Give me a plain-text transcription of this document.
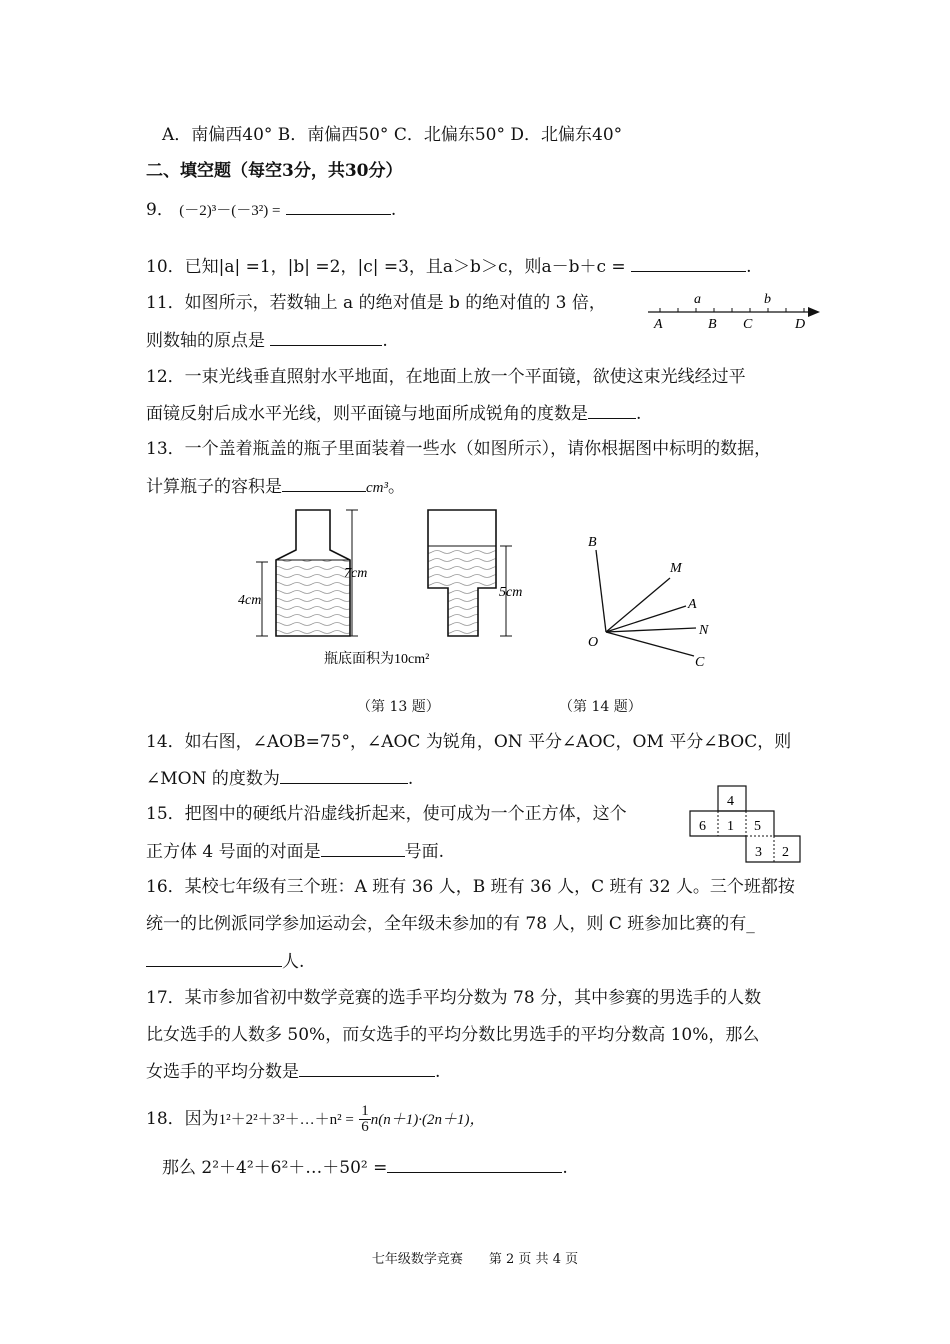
A．南偏西40° B．南偏西50° C．北偏东50° D．北偏东40°
二、填空题（每空3分，共30分）
9． (－2)³－(－3²) =	.
10．已知|a| =1，|b| =2，|c| =3，且a＞b＞c，则a－b＋c =	.
11．如图所示，若数轴上 a 的绝对值是 b 的绝对值的 3 倍，
则数轴的原点是	.
a	b
A	B C	D
12．一束光线垂直照射水平地面，在地面上放一个平面镜，欲使这束光线经过平
面镜反射后成水平光线，则平面镜与地面所成锐角的度数是	.
13．一个盖着瓶盖的瓶子里面装着一些水（如图所示），请你根据图中标明的数据，
计算瓶子的容积是	cm³。
4cm
7cm
5cm
瓶底面积为10cm²
B
M
A
N
O
C
（第 13 题）	（第 14 题）
14．如右图，∠AOB=75°，∠AOC 为锐角，ON 平分∠AOC，OM 平分∠BOC，则
∠MON 的度数为	.
15．把图中的硬纸片沿虚线折起来，使可成为一个正方体，这个
正方体 4 号面的对面是	号面.
4
6 1 5
3 2
16．某校七年级有三个班：A 班有 36 人，B 班有 36 人，C 班有 32 人。三个班都按
统一的比例派同学参加运动会，全年级未参加的有 78 人，则 C 班参加比赛的有_
人.
17．某市参加省初中数学竞赛的选手平均分数为 78 分，其中参赛的男选手的人数
比女选手的人数多 50%，而女选手的平均分数比男选手的平均分数高 10%，那么
女选手的平均分数是	.
18．因为1²＋2²＋3²＋…＋n² = $\frac{1}{6} n(n+1)\cdot(2n+1)$，
那么 2²＋4²＋6²＋…＋50² =	.
七年级数学竞赛　　第 2 页 共 4 页
